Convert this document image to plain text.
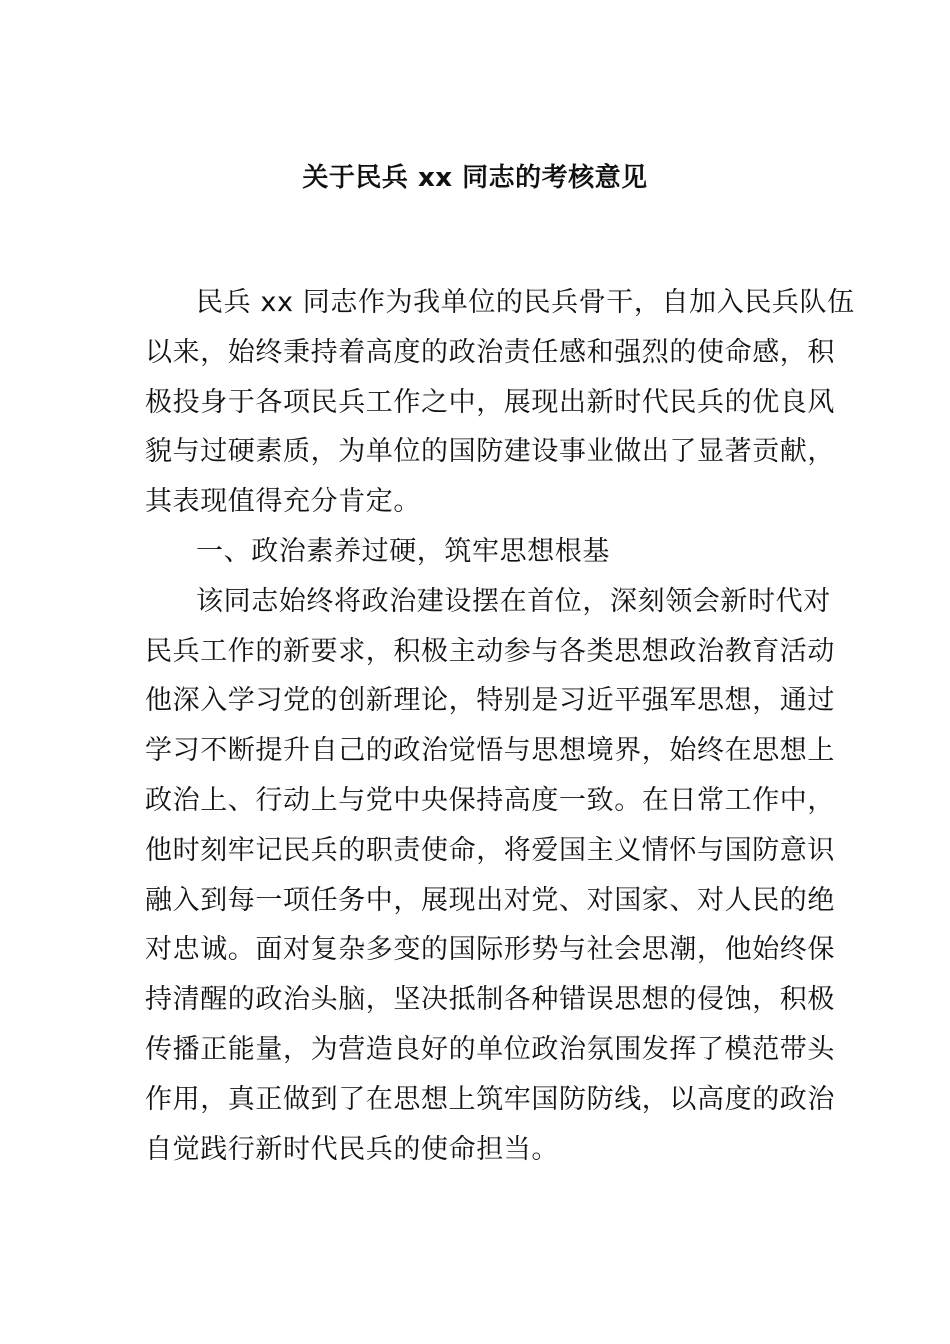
关于民兵 xx 同志的考核意见
民兵 xx 同志作为我单位的民兵骨干，自加入民兵队伍
以来，始终秉持着高度的政治责任感和强烈的使命感，积
极投身于各项民兵工作之中，展现出新时代民兵的优良风
貌与过硬素质，为单位的国防建设事业做出了显著贡献，
其表现值得充分肯定。
一、政治素养过硬，筑牢思想根基
该同志始终将政治建设摆在首位，深刻领会新时代对
民兵工作的新要求，积极主动参与各类思想政治教育活动
他深入学习党的创新理论，特别是习近平强军思想，通过
学习不断提升自己的政治觉悟与思想境界，始终在思想上
政治上、行动上与党中央保持高度一致。在日常工作中，
他时刻牢记民兵的职责使命，将爱国主义情怀与国防意识
融入到每一项任务中，展现出对党、对国家、对人民的绝
对忠诚。面对复杂多变的国际形势与社会思潮，他始终保
持清醒的政治头脑，坚决抵制各种错误思想的侵蚀，积极
传播正能量，为营造良好的单位政治氛围发挥了模范带头
作用，真正做到了在思想上筑牢国防防线，以高度的政治
自觉践行新时代民兵的使命担当。
